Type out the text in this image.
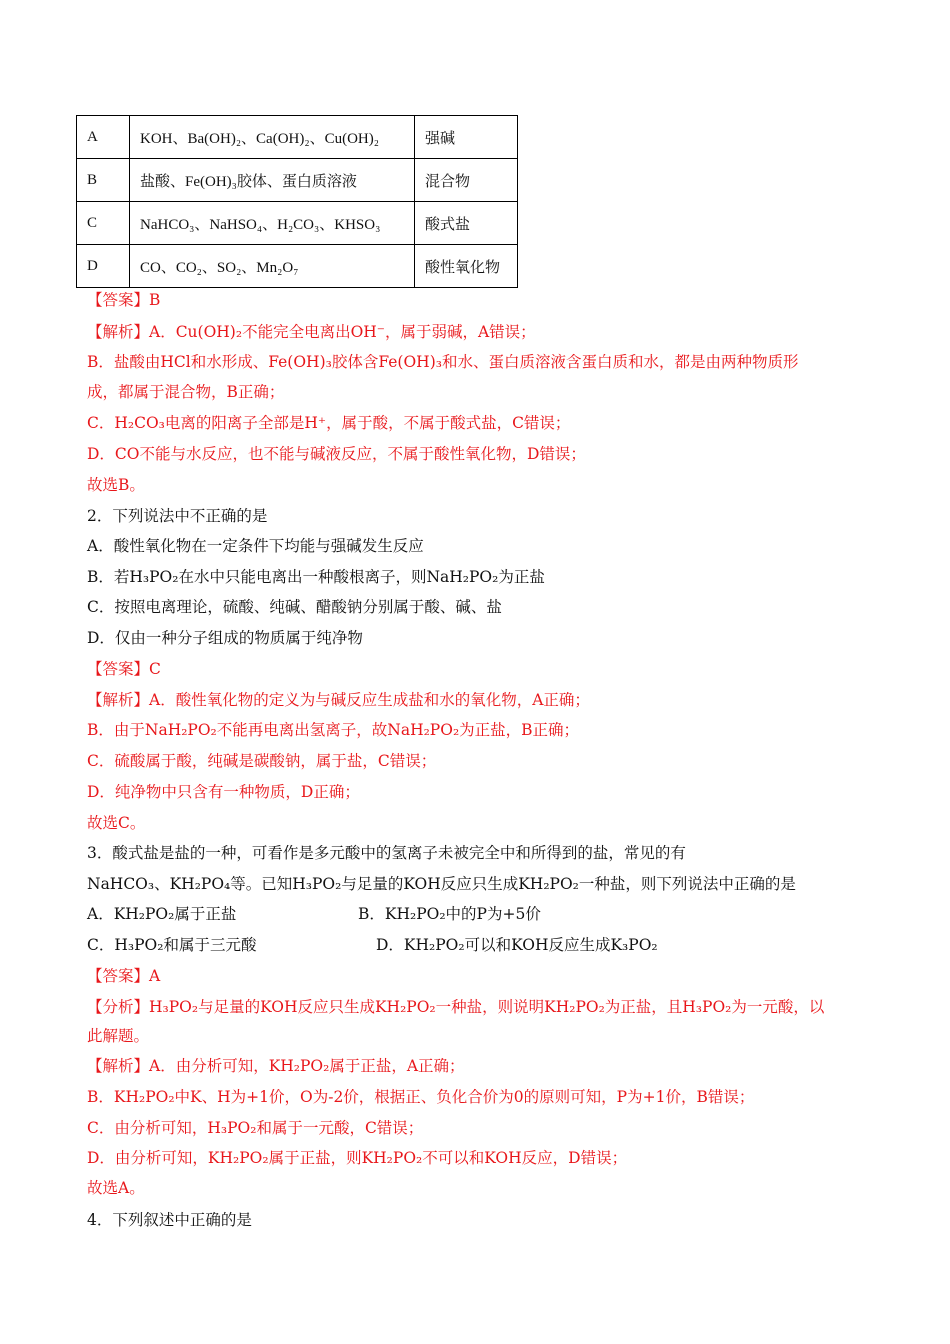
A	KOH、Ba(OH)₂、Ca(OH)₂、Cu(OH)₂	强碱
B	盐酸、Fe(OH)₃胶体、蛋白质溶液	混合物
C	NaHCO₃、NaHSO₄、H₂CO₃、KHSO₃	酸式盐
D	CO、CO₂、SO₂、Mn₂O₇	酸性氧化物
【答案】B
【解析】A．Cu(OH)₂不能完全电离出OH⁻，属于弱碱，A错误；
B．盐酸由HCl和水形成、Fe(OH)₃胶体含Fe(OH)₃和水、蛋白质溶液含蛋白质和水，都是由两种物质形
成，都属于混合物，B正确；
C．H₂CO₃电离的阳离子全部是H⁺，属于酸，不属于酸式盐，C错误；
D．CO不能与水反应，也不能与碱液反应，不属于酸性氧化物，D错误；
故选B。
2．下列说法中不正确的是
A．酸性氧化物在一定条件下均能与强碱发生反应
B．若H₃PO₂在水中只能电离出一种酸根离子，则NaH₂PO₂为正盐
C．按照电离理论，硫酸、纯碱、醋酸钠分别属于酸、碱、盐
D．仅由一种分子组成的物质属于纯净物
【答案】C
【解析】A．酸性氧化物的定义为与碱反应生成盐和水的氧化物，A正确；
B．由于NaH₂PO₂不能再电离出氢离子，故NaH₂PO₂为正盐，B正确；
C．硫酸属于酸，纯碱是碳酸钠，属于盐，C错误；
D．纯净物中只含有一种物质，D正确；
故选C。
3．酸式盐是盐的一种，可看作是多元酸中的氢离子未被完全中和所得到的盐，常见的有
NaHCO₃、KH₂PO₄等。已知H₃PO₂与足量的KOH反应只生成KH₂PO₂一种盐，则下列说法中正确的是
A．KH₂PO₂属于正盐	B．KH₂PO₂中的P为+5价
C．H₃PO₂和属于三元酸	D．KH₂PO₂可以和KOH反应生成K₃PO₂
【答案】A
【分析】H₃PO₂与足量的KOH反应只生成KH₂PO₂一种盐，则说明KH₂PO₂为正盐，且H₃PO₂为一元酸，以
此解题。
【解析】A．由分析可知，KH₂PO₂属于正盐，A正确；
B．KH₂PO₂中K、H为+1价，O为-2价，根据正、负化合价为0的原则可知，P为+1价，B错误；
C．由分析可知，H₃PO₂和属于一元酸，C错误；
D．由分析可知，KH₂PO₂属于正盐，则KH₂PO₂不可以和KOH反应，D错误；
故选A。
4．下列叙述中正确的是
